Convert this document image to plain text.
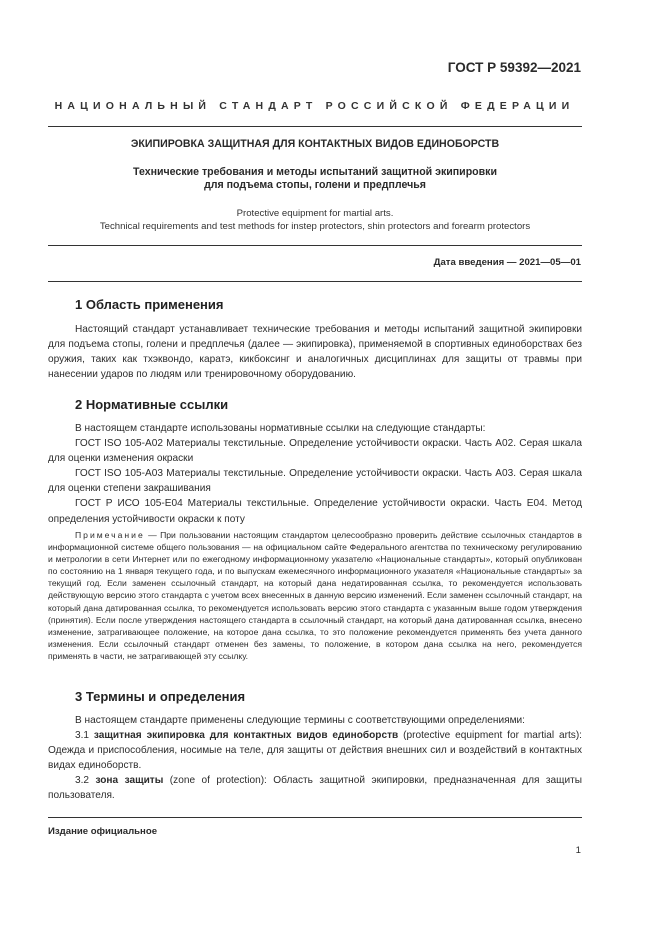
ГОСТ Р 59392—2021
НАЦИОНАЛЬНЫЙ СТАНДАРТ РОССИЙСКОЙ ФЕДЕРАЦИИ
ЭКИПИРОВКА ЗАЩИТНАЯ ДЛЯ КОНТАКТНЫХ ВИДОВ ЕДИНОБОРСТВ
Технические требования и методы испытаний защитной экипировки
для подъема стопы, голени и предплечья
Protective equipment for martial arts.
Technical requirements and test methods for instep protectors, shin protectors and forearm protectors
Дата введения — 2021—05—01
1 Область применения
Настоящий стандарт устанавливает технические требования и методы испытаний защитной экипировки для подъема стопы, голени и предплечья (далее — экипировка), применяемой в спортивных единоборствах без оружия, таких как тхэквондо, каратэ, кикбоксинг и аналогичных дисциплинах для защиты от травмы при нанесении ударов по людям или тренировочному оборудованию.
2 Нормативные ссылки
В настоящем стандарте использованы нормативные ссылки на следующие стандарты:
ГОСТ ISO 105-A02 Материалы текстильные. Определение устойчивости окраски. Часть А02. Серая шкала для оценки изменения окраски
ГОСТ ISO 105-A03 Материалы текстильные. Определение устойчивости окраски. Часть А03. Серая шкала для оценки степени закрашивания
ГОСТ Р ИСО 105-E04 Материалы текстильные. Определение устойчивости окраски. Часть E04. Метод определения устойчивости окраски к поту
Примечание — При пользовании настоящим стандартом целесообразно проверить действие ссылочных стандартов в информационной системе общего пользования — на официальном сайте Федерального агентства по техническому регулированию и метрологии в сети Интернет или по ежегодному информационному указателю «Национальные стандарты», который опубликован по состоянию на 1 января текущего года, и по выпускам ежемесячного информационного указателя «Национальные стандарты» за текущий год. Если заменен ссылочный стандарт, на который дана недатированная ссылка, то рекомендуется использовать действующую версию этого стандарта с учетом всех внесенных в данную версию изменений. Если заменен ссылочный стандарт, на который дана датированная ссылка, то рекомендуется использовать версию этого стандарта с указанным выше годом утверждения (принятия). Если после утверждения настоящего стандарта в ссылочный стандарт, на который дана датированная ссылка, внесено изменение, затрагивающее положение, на которое дана ссылка, то это положение рекомендуется применять без учета данного изменения. Если ссылочный стандарт отменен без замены, то положение, в котором дана ссылка на него, рекомендуется применять в части, не затрагивающей эту ссылку.
3 Термины и определения
В настоящем стандарте применены следующие термины с соответствующими определениями:
3.1 защитная экипировка для контактных видов единоборств (protective equipment for martial arts): Одежда и приспособления, носимые на теле, для защиты от действия внешних сил и воздействий в контактных видах единоборств.
3.2 зона защиты (zone of protection): Область защитной экипировки, предназначенная для защиты пользователя.
Издание официальное
1
